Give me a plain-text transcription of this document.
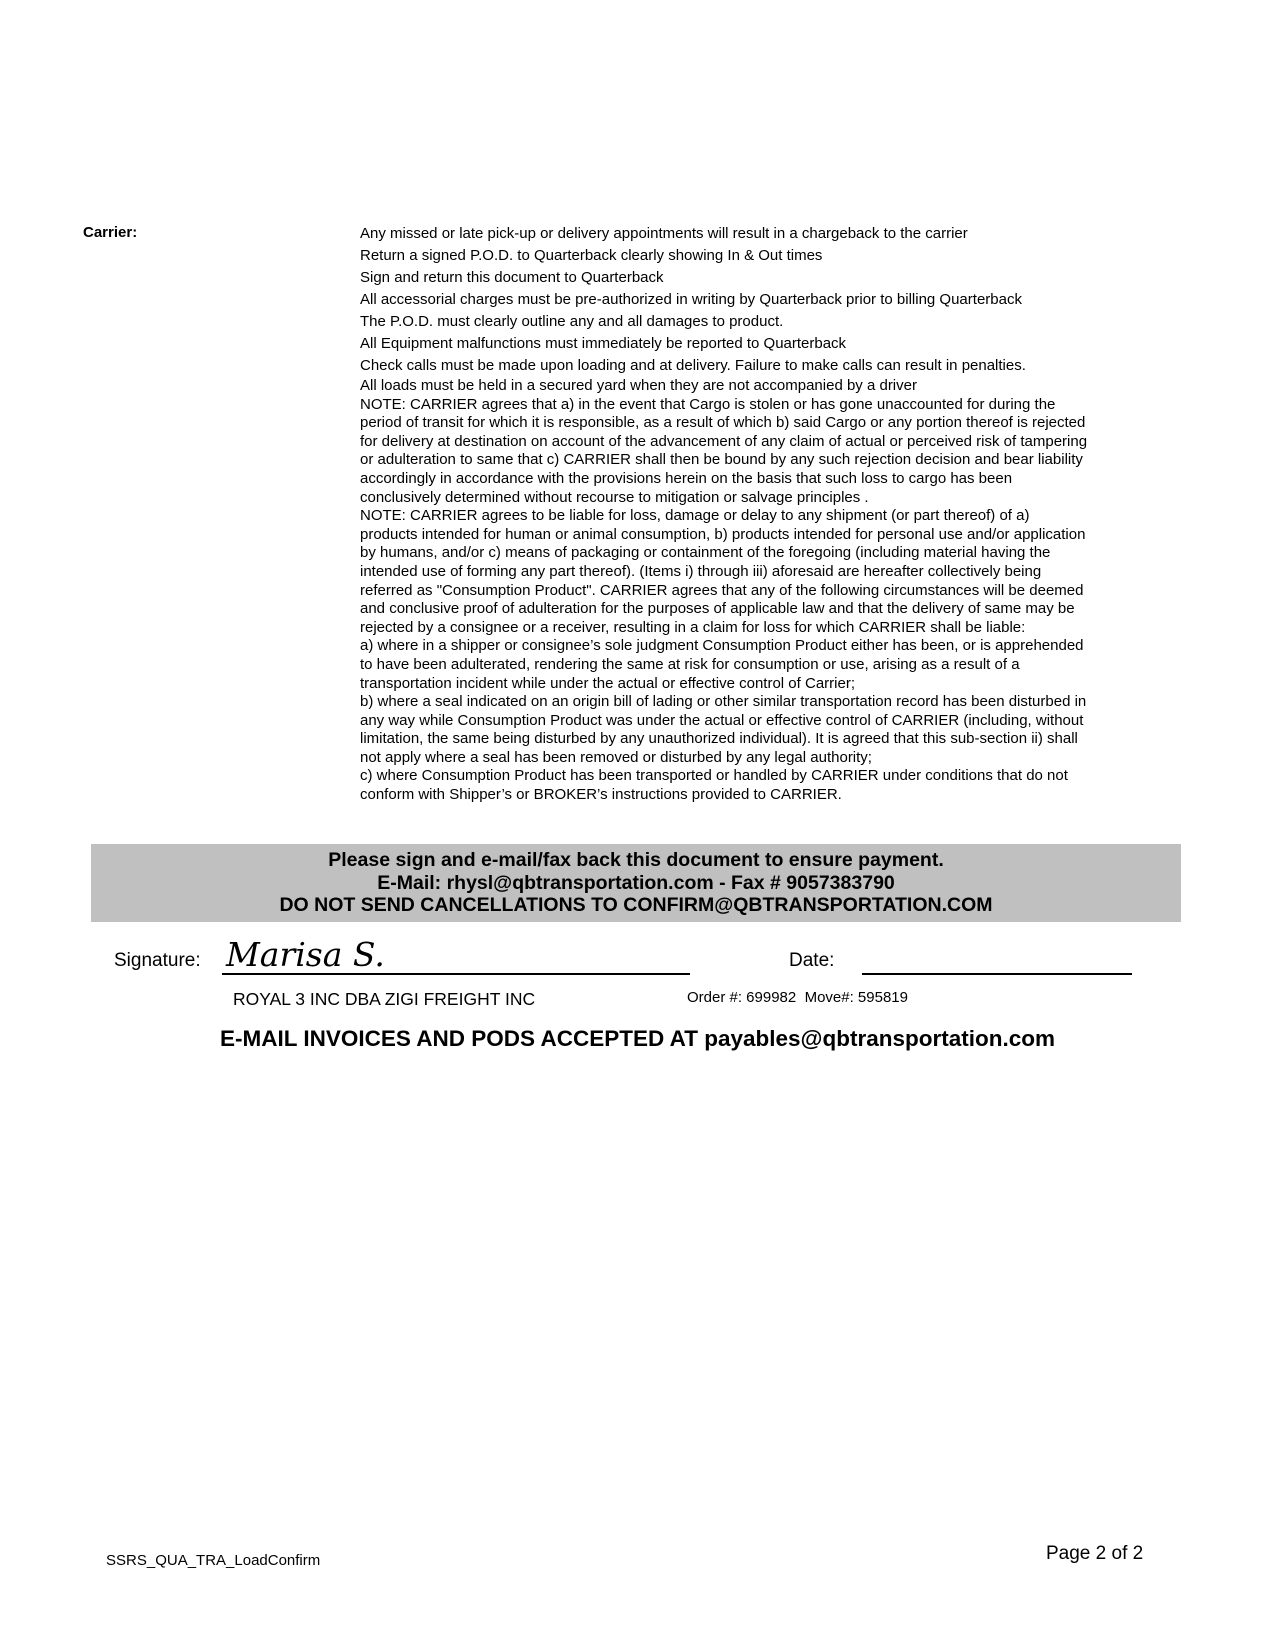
Carrier:	Any missed or late pick-up or delivery appointments will result in a chargeback to the carrier
Return a signed P.O.D. to Quarterback clearly showing In & Out times
Sign and return this document to Quarterback
All accessorial charges must be pre-authorized in writing by Quarterback prior to billing Quarterback
The P.O.D. must clearly outline any and all damages to product.
All Equipment malfunctions must immediately be reported to Quarterback
Check calls must be made upon loading and at delivery. Failure to make calls can result in penalties.
All loads must be held in a secured yard when they are not accompanied by a driver
NOTE: CARRIER agrees that a) in the event that Cargo is stolen or has gone unaccounted for during the
period of transit for which it is responsible, as a result of which b) said Cargo or any portion thereof is rejected
for delivery at destination on account of the advancement of any claim of actual or perceived risk of tampering
or adulteration to same that c) CARRIER shall then be bound by any such rejection decision and bear liability
accordingly in accordance with the provisions herein on the basis that such loss to cargo has been
conclusively determined without recourse to mitigation or salvage principles .
NOTE: CARRIER agrees to be liable for loss, damage or delay to any shipment (or part thereof) of a)
products intended for human or animal consumption, b) products intended for personal use and/or application
by humans, and/or c) means of packaging or containment of the foregoing (including material having the
intended use of forming any part thereof). (Items i) through iii) aforesaid are hereafter collectively being
referred as "Consumption Product". CARRIER agrees that any of the following circumstances will be deemed
and conclusive proof of adulteration for the purposes of applicable law and that the delivery of same may be
rejected by a consignee or a receiver, resulting in a claim for loss for which CARRIER shall be liable:
a) where in a shipper or consignee’s sole judgment Consumption Product either has been, or is apprehended
to have been adulterated, rendering the same at risk for consumption or use, arising as a result of a
transportation incident while under the actual or effective control of Carrier;
b) where a seal indicated on an origin bill of lading or other similar transportation record has been disturbed in
any way while Consumption Product was under the actual or effective control of CARRIER (including, without
limitation, the same being disturbed by any unauthorized individual). It is agreed that this sub-section ii) shall
not apply where a seal has been removed or disturbed by any legal authority;
c) where Consumption Product has been transported or handled by CARRIER under conditions that do not
conform with Shipper’s or BROKER’s instructions provided to CARRIER.
Please sign and e-mail/fax back this document to ensure payment.
E-Mail: rhysl@qbtransportation.com - Fax # 9057383790
DO NOT SEND CANCELLATIONS TO CONFIRM@QBTRANSPORTATION.COM
Signature: Marisa S.	Date:
ROYAL 3 INC DBA ZIGI FREIGHT INC	Order #: 699982  Move#: 595819
E-MAIL INVOICES AND PODS ACCEPTED AT payables@qbtransportation.com
SSRS_QUA_TRA_LoadConfirm	Page 2 of 2
